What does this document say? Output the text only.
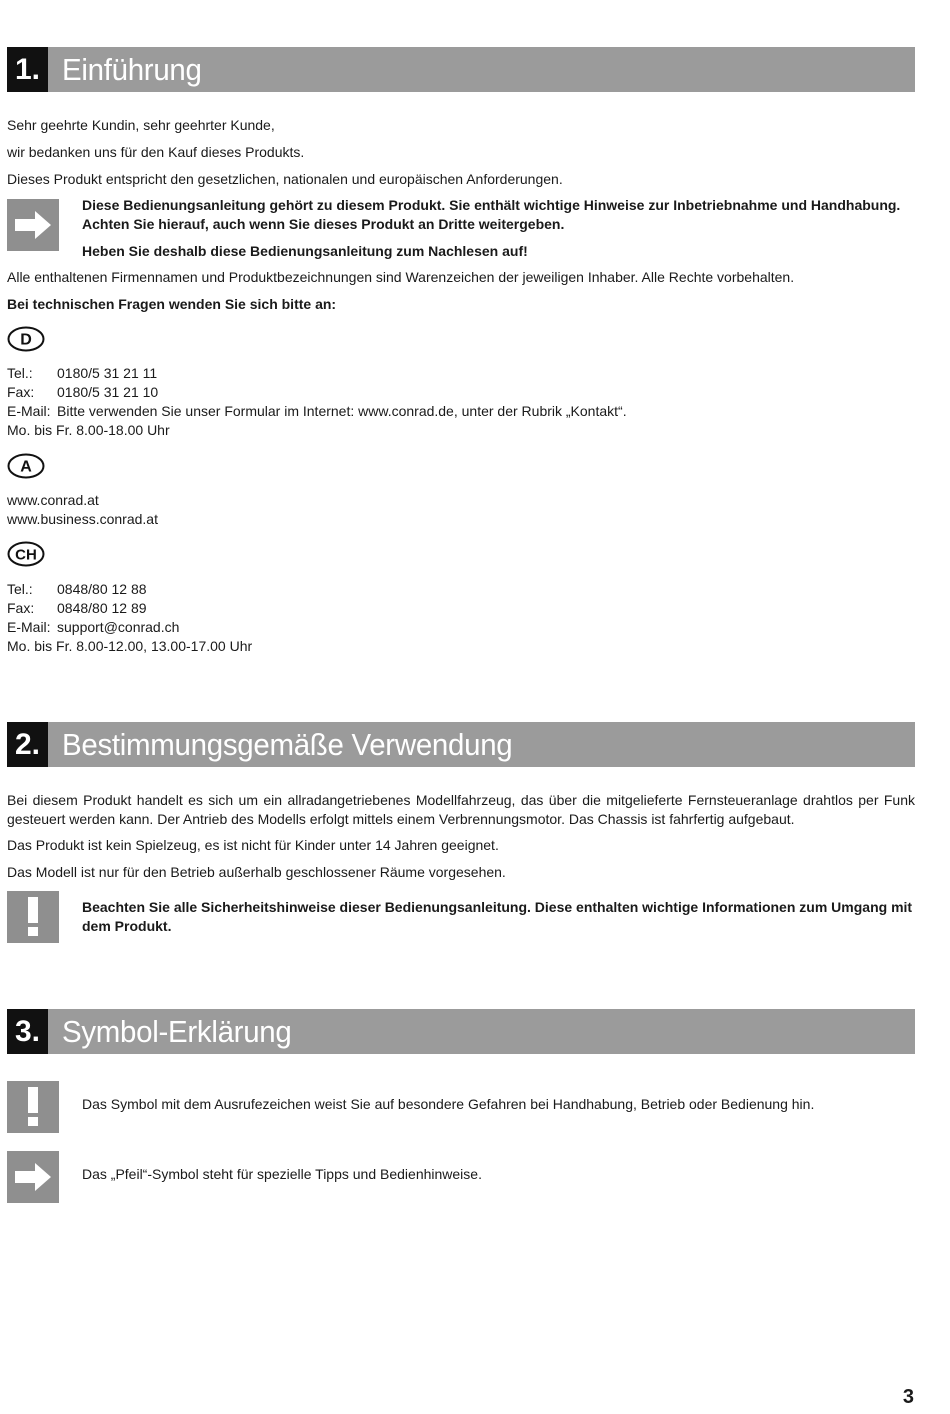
1. Einführung
Sehr geehrte Kundin, sehr geehrter Kunde,
wir bedanken uns für den Kauf dieses Produkts.
Dieses Produkt entspricht den gesetzlichen, nationalen und europäischen Anforderungen.
Diese Bedienungsanleitung gehört zu diesem Produkt. Sie enthält wichtige Hinweise zur Inbetriebnahme und Handhabung. Achten Sie hierauf, auch wenn Sie dieses Produkt an Dritte weitergeben.
Heben Sie deshalb diese Bedienungsanleitung zum Nachlesen auf!
Alle enthaltenen Firmennamen und Produktbezeichnungen sind Warenzeichen der jeweiligen Inhaber. Alle Rechte vorbehalten.
Bei technischen Fragen wenden Sie sich bitte an:
D
Tel.: 0180/5 31 21 11
Fax: 0180/5 31 21 10
E-Mail: Bitte verwenden Sie unser Formular im Internet: www.conrad.de, unter der Rubrik „Kontakt“.
Mo. bis Fr. 8.00-18.00 Uhr
A
www.conrad.at
www.business.conrad.at
CH
Tel.: 0848/80 12 88
Fax: 0848/80 12 89
E-Mail: support@conrad.ch
Mo. bis Fr. 8.00-12.00, 13.00-17.00 Uhr
2. Bestimmungsgemäße Verwendung
Bei diesem Produkt handelt es sich um ein allradangetriebenes Modellfahrzeug, das über die mitgelieferte Fernsteueranlage drahtlos per Funk gesteuert werden kann. Der Antrieb des Modells erfolgt mittels einem Verbrennungsmotor. Das Chassis ist fahrfertig aufgebaut.
Das Produkt ist kein Spielzeug, es ist nicht für Kinder unter 14 Jahren geeignet.
Das Modell ist nur für den Betrieb außerhalb geschlossener Räume vorgesehen.
Beachten Sie alle Sicherheitshinweise dieser Bedienungsanleitung. Diese enthalten wichtige Informationen zum Umgang mit dem Produkt.
3. Symbol-Erklärung
Das Symbol mit dem Ausrufezeichen weist Sie auf besondere Gefahren bei Handhabung, Betrieb oder Bedienung hin.
Das „Pfeil“-Symbol steht für spezielle Tipps und Bedienhinweise.
3
